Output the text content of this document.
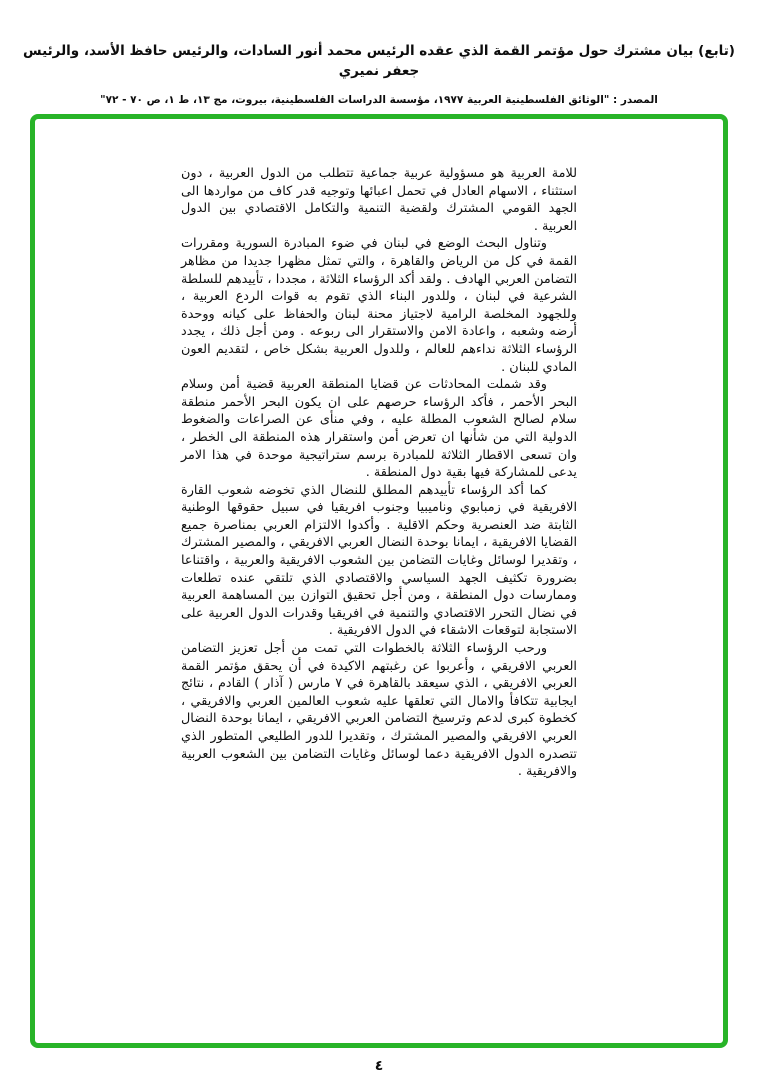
(تابع) بيان مشترك حول مؤتمر القمة الذي عقده الرئيس محمد أنور السادات، والرئيس حافظ الأسد، والرئيس جعفر نميري
المصدر : "الوثائق الفلسطينية العربية ١٩٧٧، مؤسسة الدراسات الفلسطينية، بيروت، مج ١٣، ط ١، ص ٧٠ - ٧٢"

للامة العربية هو مسؤولية عربية جماعية تتطلب من الدول العربية ، دون استثناء ، الاسهام العادل في تحمل اعبائها وتوجيه قدر كاف من مواردها الى الجهد القومي المشترك ولقضية التنمية والتكامل الاقتصادي بين الدول العربية .

وتناول البحث الوضع في لبنان في ضوء المبادرة السورية ومقررات القمة في كل من الرياض والقاهرة ، والتي تمثل مظهرا جديدا من مظاهر التضامن العربي الهادف . ولقد أكد الرؤساء الثلاثة ، مجددا ، تأييدهم للسلطة الشرعية في لبنان ، وللدور البناء الذي تقوم به قوات الردع العربية ، وللجهود المخلصة الرامية لاجتياز محنة لبنان والحفاظ على كيانه ووحدة أرضه وشعبه ، واعادة الامن والاستقرار الى ربوعه . ومن أجل ذلك ، يجدد الرؤساء الثلاثة نداءهم للعالم ، وللدول العربية بشكل خاص ، لتقديم العون المادي للبنان .

وقد شملت المحادثات عن قضايا المنطقة العربية قضية أمن وسلام البحر الأحمر ، فأكد الرؤساء حرصهم على ان يكون البحر الأحمر منطقة سلام لصالح الشعوب المطلة عليه ، وفي منأى عن الصراعات والضغوط الدولية التي من شأنها ان تعرض أمن واستقرار هذه المنطقة الى الخطر ، وان تسعى الاقطار الثلاثة للمبادرة برسم ستراتيجية موحدة في هذا الامر يدعى للمشاركة فيها بقية دول المنطقة .

كما أكد الرؤساء تأييدهم المطلق للنضال الذي تخوضه شعوب القارة الافريقية في زمبابوي وناميبيا وجنوب افريقيا في سبيل حقوقها الوطنية الثابتة ضد العنصرية وحكم الاقلية . وأكدوا الالتزام العربي بمناصرة جميع القضايا الافريقية ، ايمانا بوحدة النضال العربي الافريقي ، والمصير المشترك ، وتقديرا لوسائل وغايات التضامن بين الشعوب الافريقية والعربية ، واقتناعا بضرورة تكثيف الجهد السياسي والاقتصادي الذي تلتقي عنده تطلعات وممارسات دول المنطقة ، ومن أجل تحقيق التوازن بين المساهمة العربية في نضال التحرر الاقتصادي والتنمية في افريقيا وقدرات الدول العربية على الاستجابة لتوقعات الاشقاء في الدول الافريقية .

ورحب الرؤساء الثلاثة بالخطوات التي تمت من أجل تعزيز التضامن العربي الافريقي ، وأعربوا عن رغبتهم الاكيدة في أن يحقق مؤتمر القمة العربي الافريقي ، الذي سيعقد بالقاهرة في ٧ مارس ( آذار ) القادم ، نتائج ايجابية تتكافأ والامال التي تعلقها عليه شعوب العالمين العربي والافريقي ، كخطوة كبرى لدعم وترسيخ التضامن العربي الافريقي ، ايمانا بوحدة النضال العربي الافريقي والمصير المشترك ، وتقديرا للدور الطليعي المتطور الذي تتصدره الدول الافريقية دعما لوسائل وغايات التضامن بين الشعوب العربية والافريقية .

٤
